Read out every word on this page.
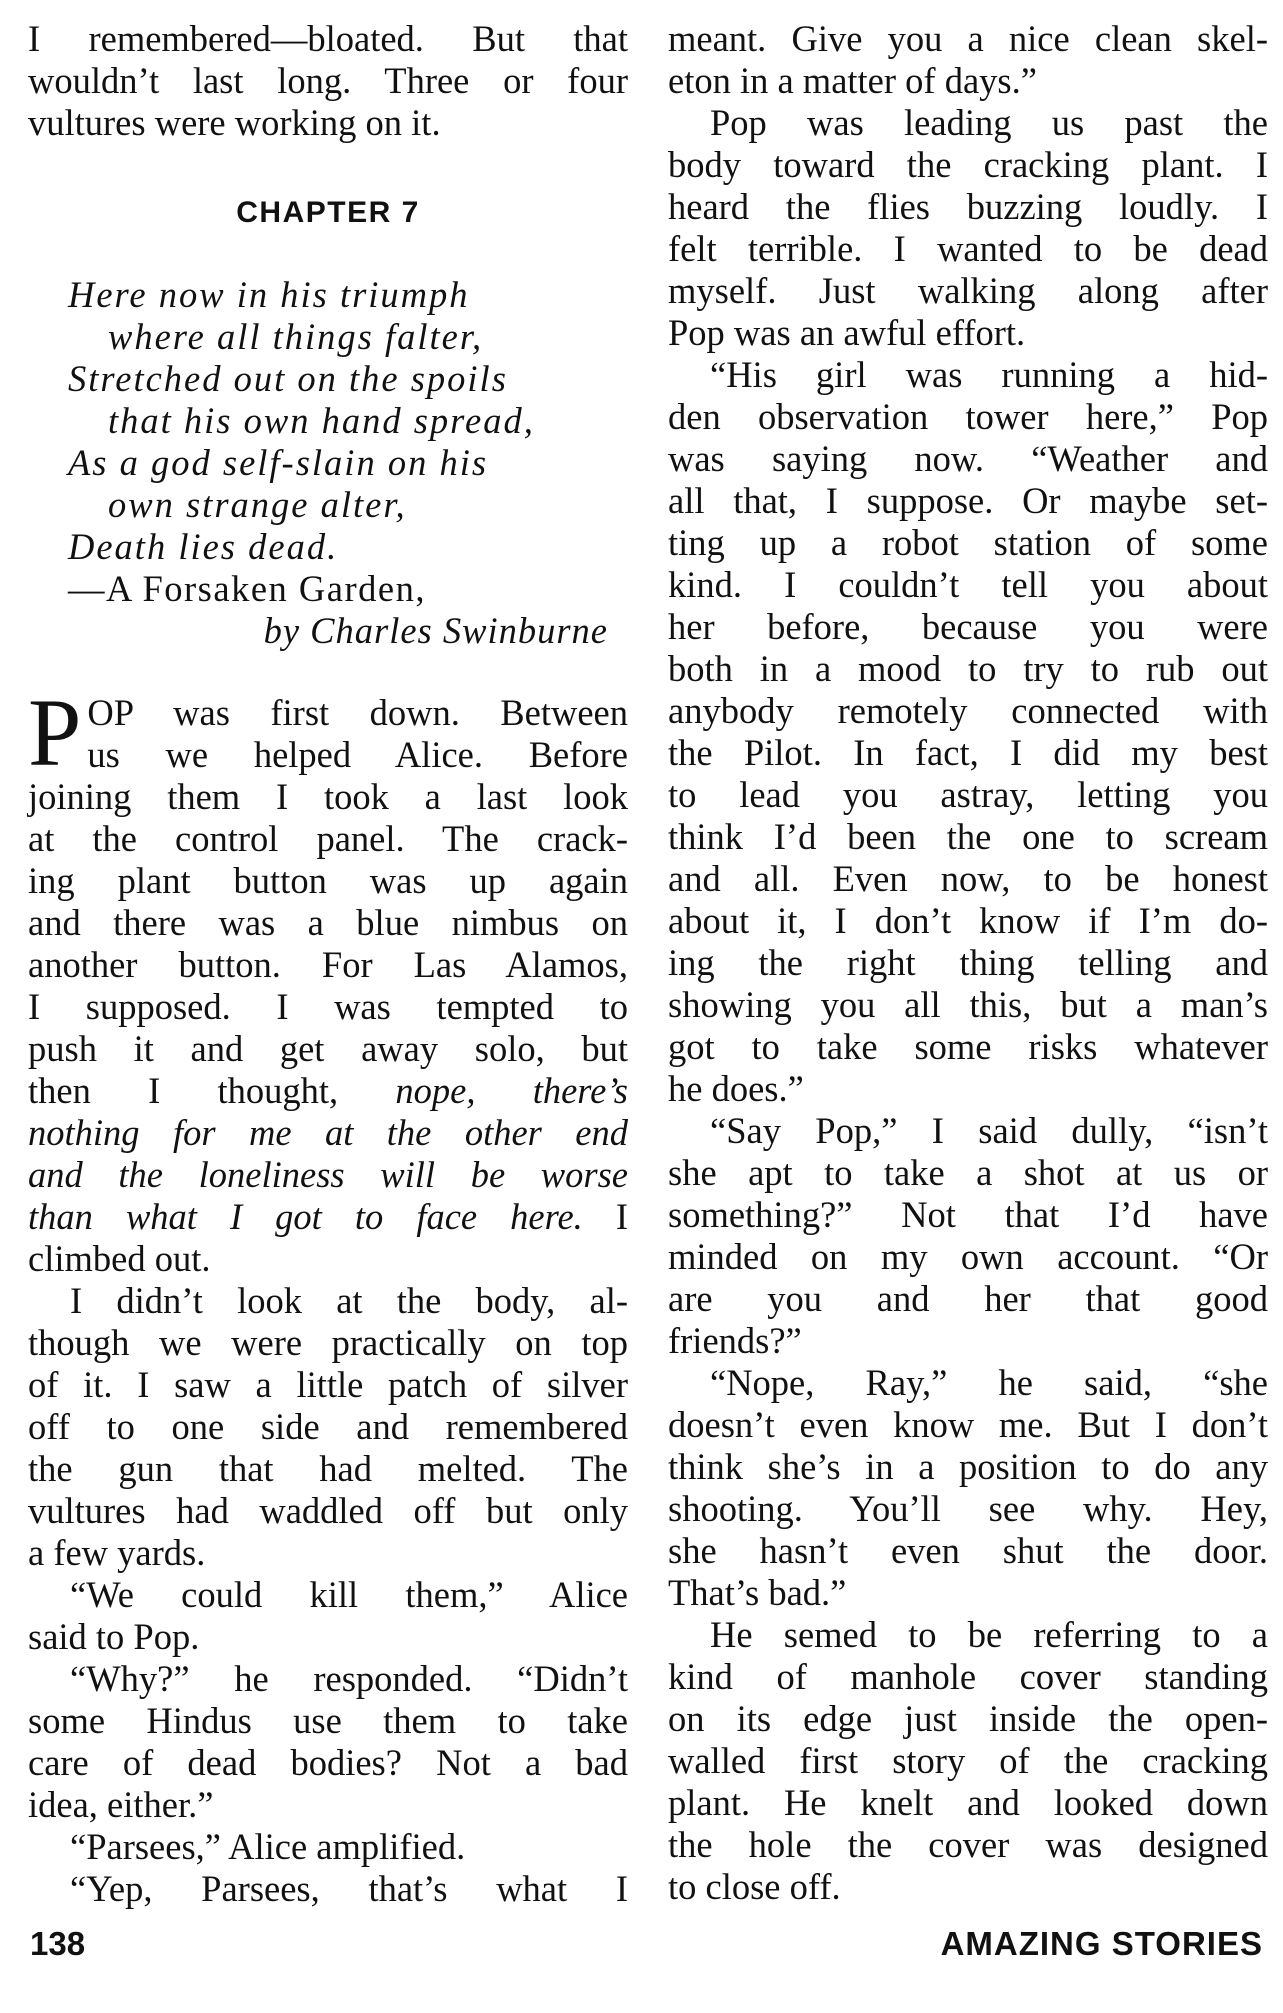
I remembered—bloated. But that
wouldn’t last long. Three or four
vultures were working on it.
CHAPTER 7
Here now in his triumph
where all things falter,
Stretched out on the spoils
that his own hand spread,
As a god self-slain on his
own strange alter,
Death lies dead.
—A Forsaken Garden,
by Charles Swinburne
P OP was first down. Between
us we helped Alice. Before
joining them I took a last look
at the control panel. The crack-
ing plant button was up again
and there was a blue nimbus on
another button. For Las Alamos,
I supposed. I was tempted to
push it and get away solo, but
then I thought, nope, there’s
nothing for me at the other end
and the loneliness will be worse
than what I got to face here. I
climbed out.
I didn’t look at the body, al-
though we were practically on top
of it. I saw a little patch of silver
off to one side and remembered
the gun that had melted. The
vultures had waddled off but only
a few yards.
“We could kill them,” Alice
said to Pop.
“Why?” he responded. “Didn’t
some Hindus use them to take
care of dead bodies? Not a bad
idea, either.”
“Parsees,” Alice amplified.
“Yep, Parsees, that’s what I
meant. Give you a nice clean skel-
eton in a matter of days.”
Pop was leading us past the
body toward the cracking plant. I
heard the flies buzzing loudly. I
felt terrible. I wanted to be dead
myself. Just walking along after
Pop was an awful effort.
“His girl was running a hid-
den observation tower here,” Pop
was saying now. “Weather and
all that, I suppose. Or maybe set-
ting up a robot station of some
kind. I couldn’t tell you about
her before, because you were
both in a mood to try to rub out
anybody remotely connected with
the Pilot. In fact, I did my best
to lead you astray, letting you
think I’d been the one to scream
and all. Even now, to be honest
about it, I don’t know if I’m do-
ing the right thing telling and
showing you all this, but a man’s
got to take some risks whatever
he does.”
“Say Pop,” I said dully, “isn’t
she apt to take a shot at us or
something?” Not that I’d have
minded on my own account. “Or
are you and her that good
friends?”
“Nope, Ray,” he said, “she
doesn’t even know me. But I don’t
think she’s in a position to do any
shooting. You’ll see why. Hey,
she hasn’t even shut the door.
That’s bad.”
He semed to be referring to a
kind of manhole cover standing
on its edge just inside the open-
walled first story of the cracking
plant. He knelt and looked down
the hole the cover was designed
to close off.
138	AMAZING STORIES
